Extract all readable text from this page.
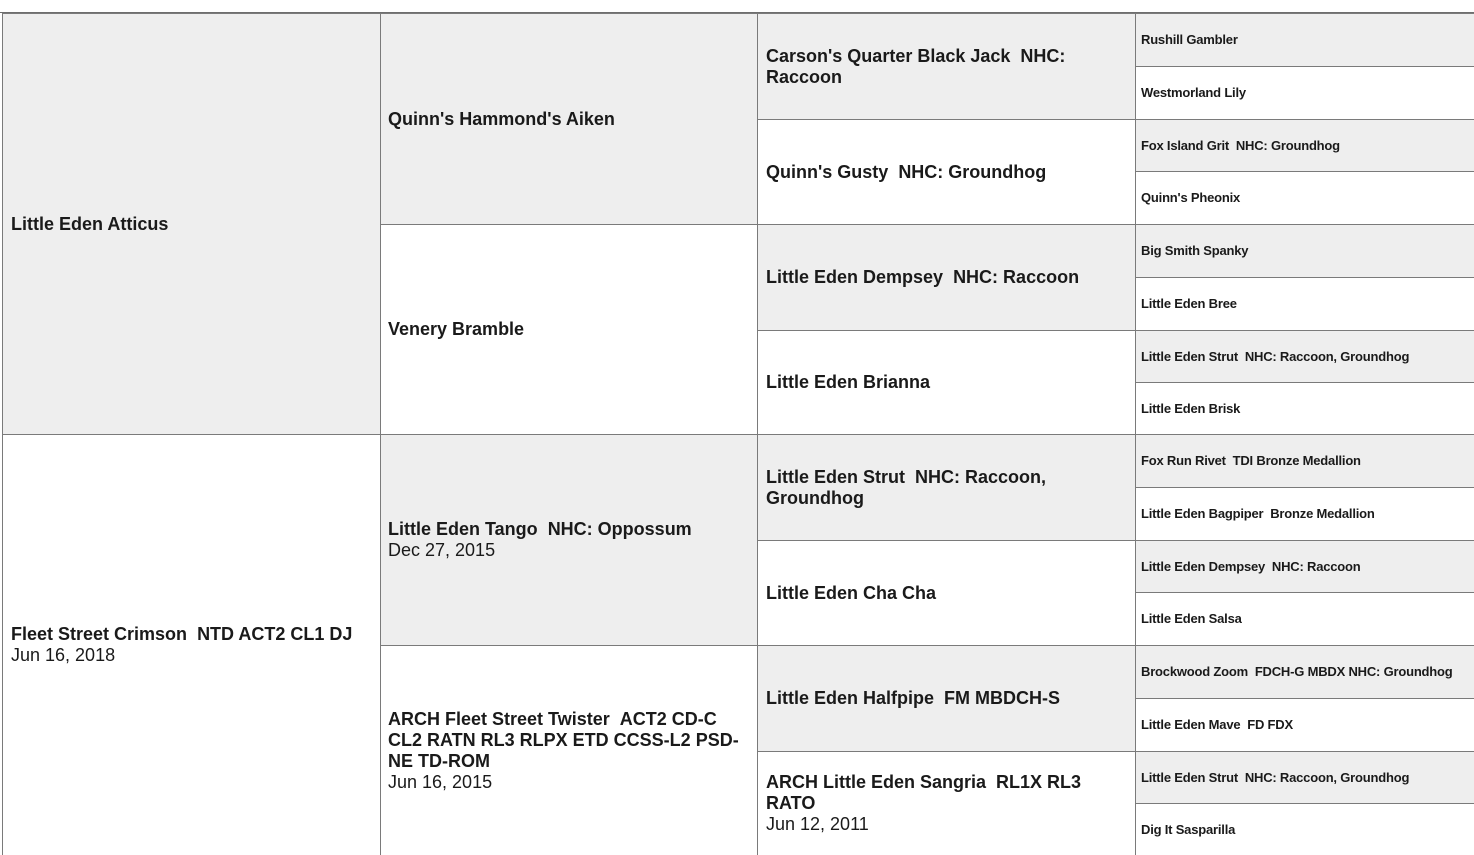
Little Eden Atticus
Fleet Street Crimson NTD ACT2 CL1 DJ
Jun 16, 2018
Quinn's Hammond's Aiken
Venery Bramble
Little Eden Tango NHC: Oppossum
Dec 27, 2015
ARCH Fleet Street Twister ACT2 CD-C CL2 RATN RL3 RLPX ETD CCSS-L2 PSD-NE TD-ROM
Jun 16, 2015
Carson's Quarter Black Jack NHC: Raccoon
Quinn's Gusty NHC: Groundhog
Little Eden Dempsey NHC: Raccoon
Little Eden Brianna
Little Eden Strut NHC: Raccoon, Groundhog
Little Eden Cha Cha
Little Eden Halfpipe FM MBDCH-S
ARCH Little Eden Sangria RL1X RL3 RATO
Jun 12, 2011
Rushill Gambler
Westmorland Lily
Fox Island Grit NHC: Groundhog
Quinn's Pheonix
Big Smith Spanky
Little Eden Bree
Little Eden Strut NHC: Raccoon, Groundhog
Little Eden Brisk
Fox Run Rivet TDI Bronze Medallion
Little Eden Bagpiper Bronze Medallion
Little Eden Dempsey NHC: Raccoon
Little Eden Salsa
Brockwood Zoom FDCH-G MBDX NHC: Groundhog
Little Eden Mave FD FDX
Little Eden Strut NHC: Raccoon, Groundhog
Dig It Sasparilla
